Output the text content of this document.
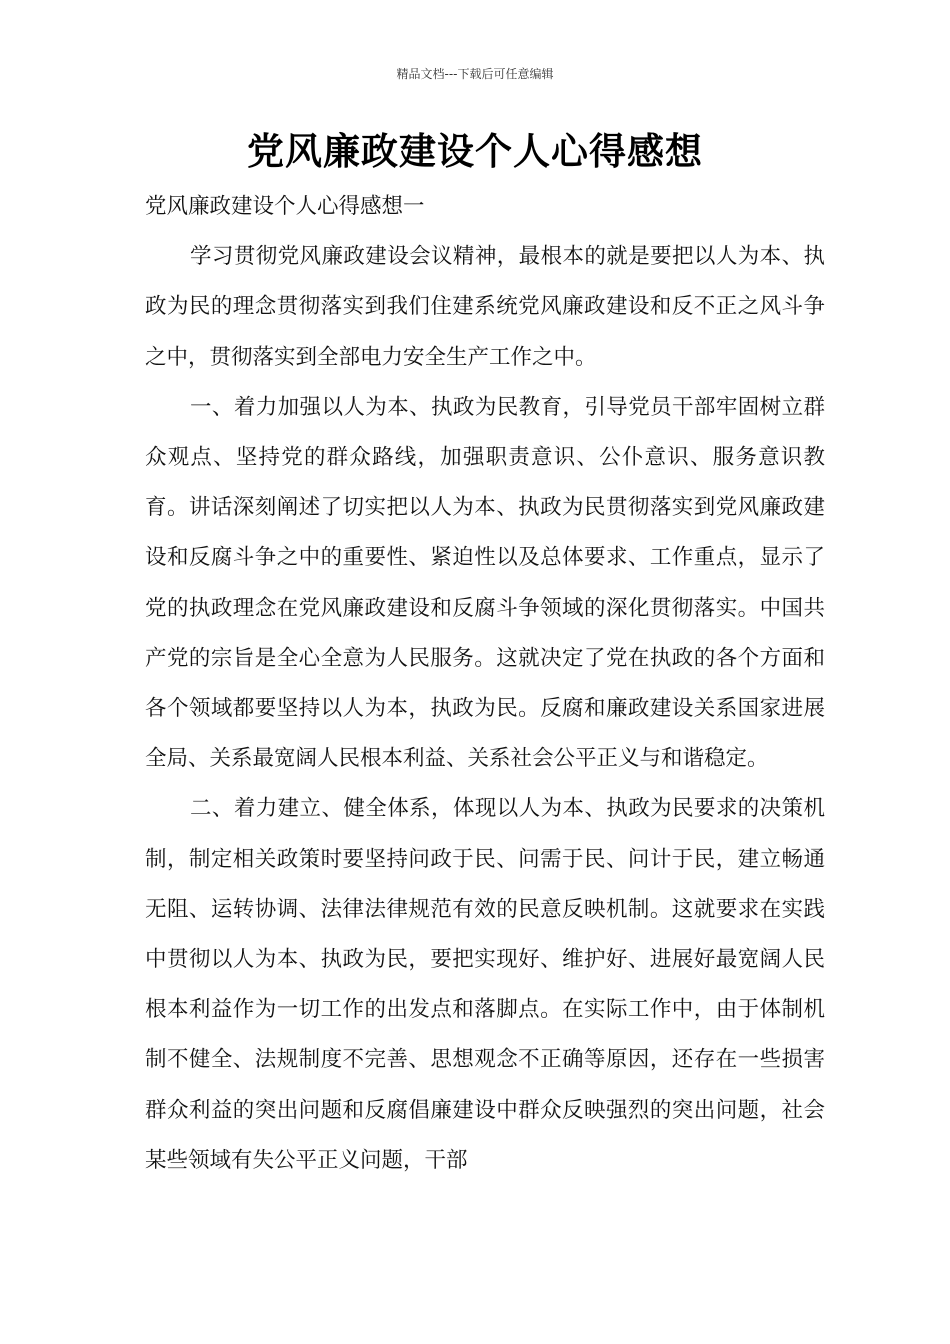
精品文档---下载后可任意编辑
党风廉政建设个人心得感想

党风廉政建设个人心得感想一

学习贯彻党风廉政建设会议精神，最根本的就是要把以人为本、执政为民的理念贯彻落实到我们住建系统党风廉政建设和反不正之风斗争之中，贯彻落实到全部电力安全生产工作之中。

一、着力加强以人为本、执政为民教育，引导党员干部牢固树立群众观点、坚持党的群众路线，加强职责意识、公仆意识、服务意识教育。讲话深刻阐述了切实把以人为本、执政为民贯彻落实到党风廉政建设和反腐斗争之中的重要性、紧迫性以及总体要求、工作重点，显示了党的执政理念在党风廉政建设和反腐斗争领域的深化贯彻落实。中国共产党的宗旨是全心全意为人民服务。这就决定了党在执政的各个方面和各个领域都要坚持以人为本，执政为民。反腐和廉政建设关系国家进展全局、关系最宽阔人民根本利益、关系社会公平正义与和谐稳定。

二、着力建立、健全体系，体现以人为本、执政为民要求的决策机制，制定相关政策时要坚持问政于民、问需于民、问计于民，建立畅通无阻、运转协调、法律法律规范有效的民意反映机制。这就要求在实践中贯彻以人为本、执政为民，要把实现好、维护好、进展好最宽阔人民根本利益作为一切工作的出发点和落脚点。在实际工作中，由于体制机制不健全、法规制度不完善、思想观念不正确等原因，还存在一些损害群众利益的突出问题和反腐倡廉建设中群众反映强烈的突出问题，社会某些领域有失公平正义问题，干部
